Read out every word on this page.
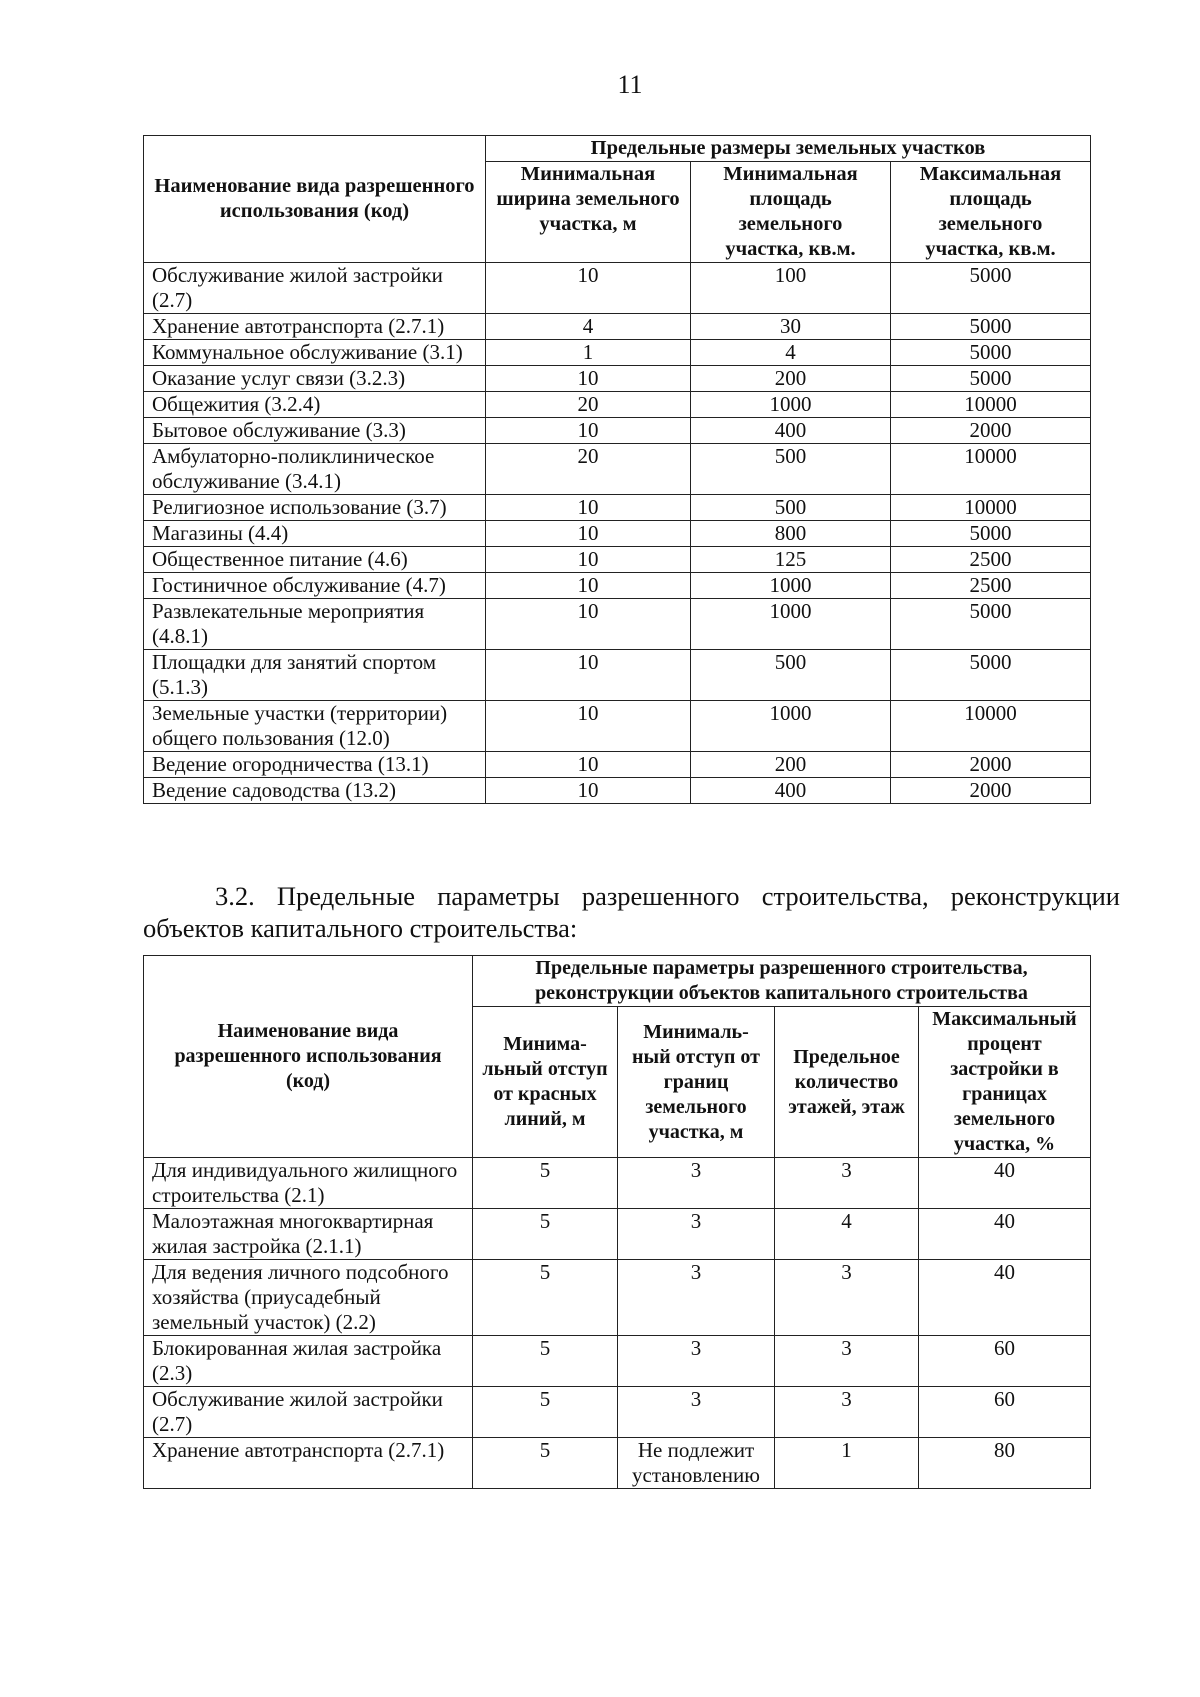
11
Наименование вида разрешенного использования (код)	Предельные размеры земельных участков		
	Минимальная ширина земельного участка, м	Минимальная площадь земельного участка, кв.м.	Максимальная площадь земельного участка, кв.м.
Обслуживание жилой застройки (2.7)	10	100	5000
Хранение автотранспорта (2.7.1)	4	30	5000
Коммунальное обслуживание (3.1)	1	4	5000
Оказание услуг связи (3.2.3)	10	200	5000
Общежития (3.2.4)	20	1000	10000
Бытовое обслуживание (3.3)	10	400	2000
Амбулаторно-поликлиническое обслуживание (3.4.1)	20	500	10000
Религиозное использование (3.7)	10	500	10000
Магазины (4.4)	10	800	5000
Общественное питание (4.6)	10	125	2500
Гостиничное обслуживание (4.7)	10	1000	2500
Развлекательные мероприятия (4.8.1)	10	1000	5000
Площадки для занятий спортом (5.1.3)	10	500	5000
Земельные участки (территории) общего пользования (12.0)	10	1000	10000
Ведение огородничества (13.1)	10	200	2000
Ведение садоводства (13.2)	10	400	2000
3.2. Предельные параметры разрешенного строительства, реконструкции объектов капитального строительства:
Наименование вида разрешенного использования (код)	Предельные параметры разрешенного строительства, реконструкции объектов капитального строительства			
	Минима-льный отступ от красных линий, м	Минималь-ный отступ от границ земельного участка, м	Предельное количество этажей, этаж	Максимальный процент застройки в границах земельного участка, %
Для индивидуального жилищного строительства (2.1)	5	3	3	40
Малоэтажная многоквартирная жилая застройка (2.1.1)	5	3	4	40
Для ведения личного подсобного хозяйства (приусадебный земельный участок) (2.2)	5	3	3	40
Блокированная жилая застройка (2.3)	5	3	3	60
Обслуживание жилой застройки (2.7)	5	3	3	60
Хранение автотранспорта (2.7.1)	5	Не подлежит установлению	1	80
